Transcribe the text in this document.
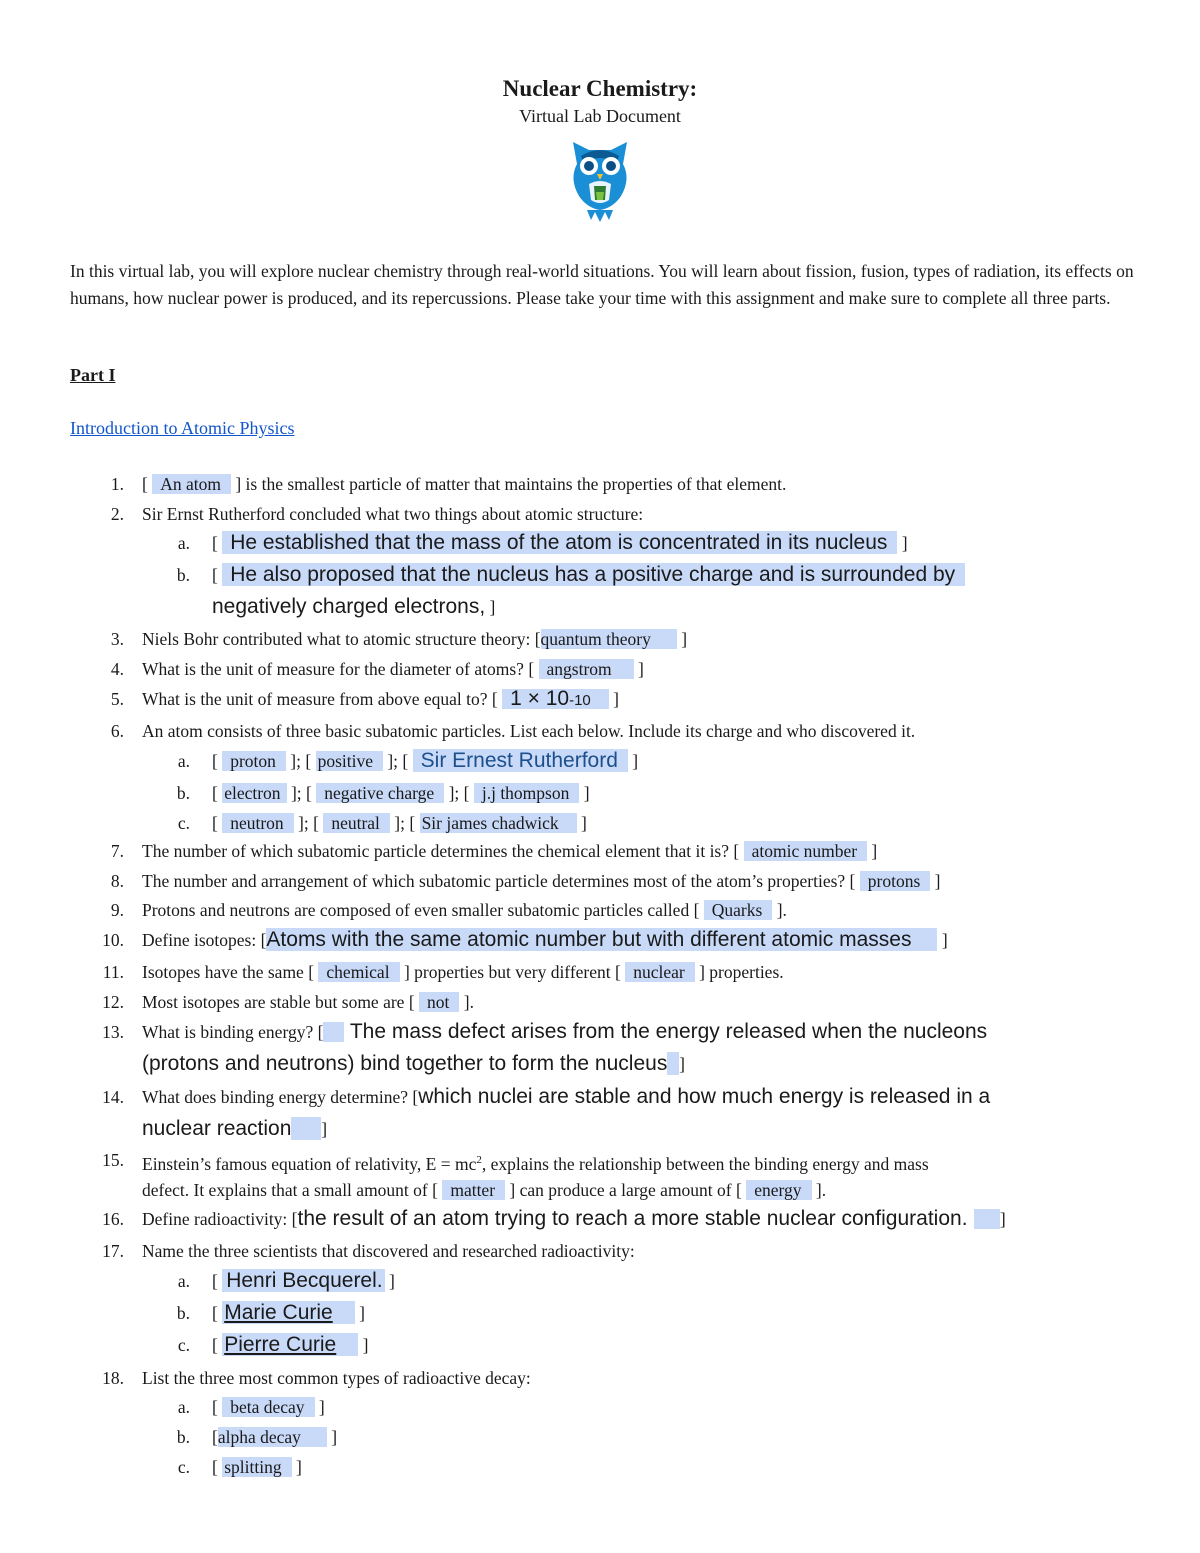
Nuclear Chemistry:
Virtual Lab Document
In this virtual lab, you will explore nuclear chemistry through real-world situations. You will learn about fission, fusion, types of radiation, its effects on humans, how nuclear power is produced, and its repercussions. Please take your time with this assignment and make sure to complete all three parts.
Part I
Introduction to Atomic Physics
1. [ An atom ] is the smallest particle of matter that maintains the properties of that element.
2. Sir Ernst Rutherford concluded what two things about atomic structure:
a. [ He established that the mass of the atom is concentrated in its nucleus ]
b. [ He also proposed that the nucleus has a positive charge and is surrounded by
negatively charged electrons, ]
3. Niels Bohr contributed what to atomic structure theory: [quantum theory ]
4. What is the unit of measure for the diameter of atoms? [ angstrom ]
5. What is the unit of measure from above equal to? [ 1 × 10-10 ]
6. An atom consists of three basic subatomic particles. List each below. Include its charge and who discovered it.
a. [ proton ]; [ positive ]; [ Sir Ernest Rutherford ]
b. [ electron ]; [ negative charge ]; [ j.j thompson ]
c. [ neutron ]; [ neutral ]; [ Sir james chadwick ]
7. The number of which subatomic particle determines the chemical element that it is? [ atomic number ]
8. The number and arrangement of which subatomic particle determines most of the atom’s properties? [ protons ]
9. Protons and neutrons are composed of even smaller subatomic particles called [ Quarks ].
10. Define isotopes: [Atoms with the same atomic number but with different atomic masses ]
11. Isotopes have the same [ chemical ] properties but very different [ nuclear ] properties.
12. Most isotopes are stable but some are [ not ].
13. What is binding energy? [ The mass defect arises from the energy released when the nucleons
(protons and neutrons) bind together to form the nucleus ]
14. What does binding energy determine? [which nuclei are stable and how much energy is released in a
nuclear reaction ]
15. Einstein’s famous equation of relativity, $E = mc^2$, explains the relationship between the binding energy and mass
defect. It explains that a small amount of [ matter ] can produce a large amount of [ energy ].
16. Define radioactivity: [the result of an atom trying to reach a more stable nuclear configuration. ]
17. Name the three scientists that discovered and researched radioactivity:
a. [ Henri Becquerel. ]
b. [ Marie Curie ]
c. [ Pierre Curie ]
18. List the three most common types of radioactive decay:
a. [ beta decay ]
b. [alpha decay ]
c. [ splitting ]
